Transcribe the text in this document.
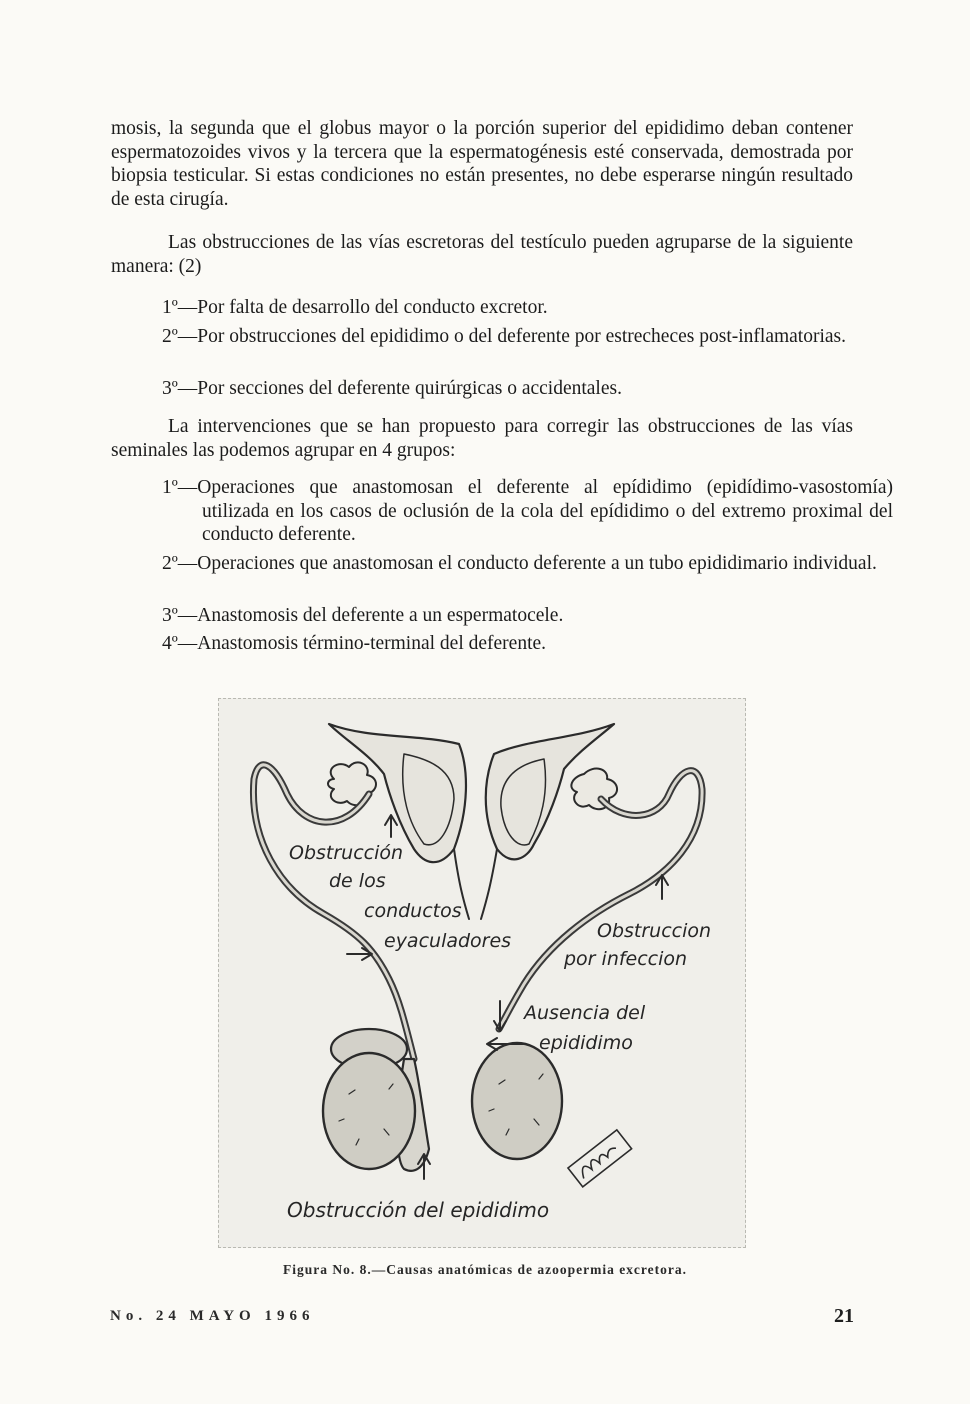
mosis, la segunda que el globus mayor o la porción superior del epididimo deban contener espermatozoides vivos y la tercera que la espermatogénesis esté conservada, demostrada por biopsia testicular. Si estas condiciones no están presentes, no debe esperarse ningún resultado de esta cirugía.

Las obstrucciones de las vías escretoras del testículo pueden agruparse de la siguiente manera: (2)

1º—Por falta de desarrollo del conducto excretor.

2º—Por obstrucciones del epididimo o del deferente por estrecheces post-inflamatorias.

3º—Por secciones del deferente quirúrgicas o accidentales.

La intervenciones que se han propuesto para corregir las obstrucciones de las vías seminales las podemos agrupar en 4 grupos:

1º—Operaciones que anastomosan el deferente al epídidimo (epidídimo-vasostomía) utilizada en los casos de oclusión de la cola del epídidimo o del extremo proximal del conducto deferente.

2º—Operaciones que anastomosan el conducto deferente a un tubo epididimario individual.

3º—Anastomosis del deferente a un espermatocele.

4º—Anastomosis término-terminal del deferente.

Obstrucción
de los
conductos
eyaculadores	Obstruccion
por infeccion
Ausencia del
epididimo
Obstrucción del epididimo
Figura No. 8.—Causas anatómicas de azoopermia excretora.
No. 24 MAYO 1966	21
